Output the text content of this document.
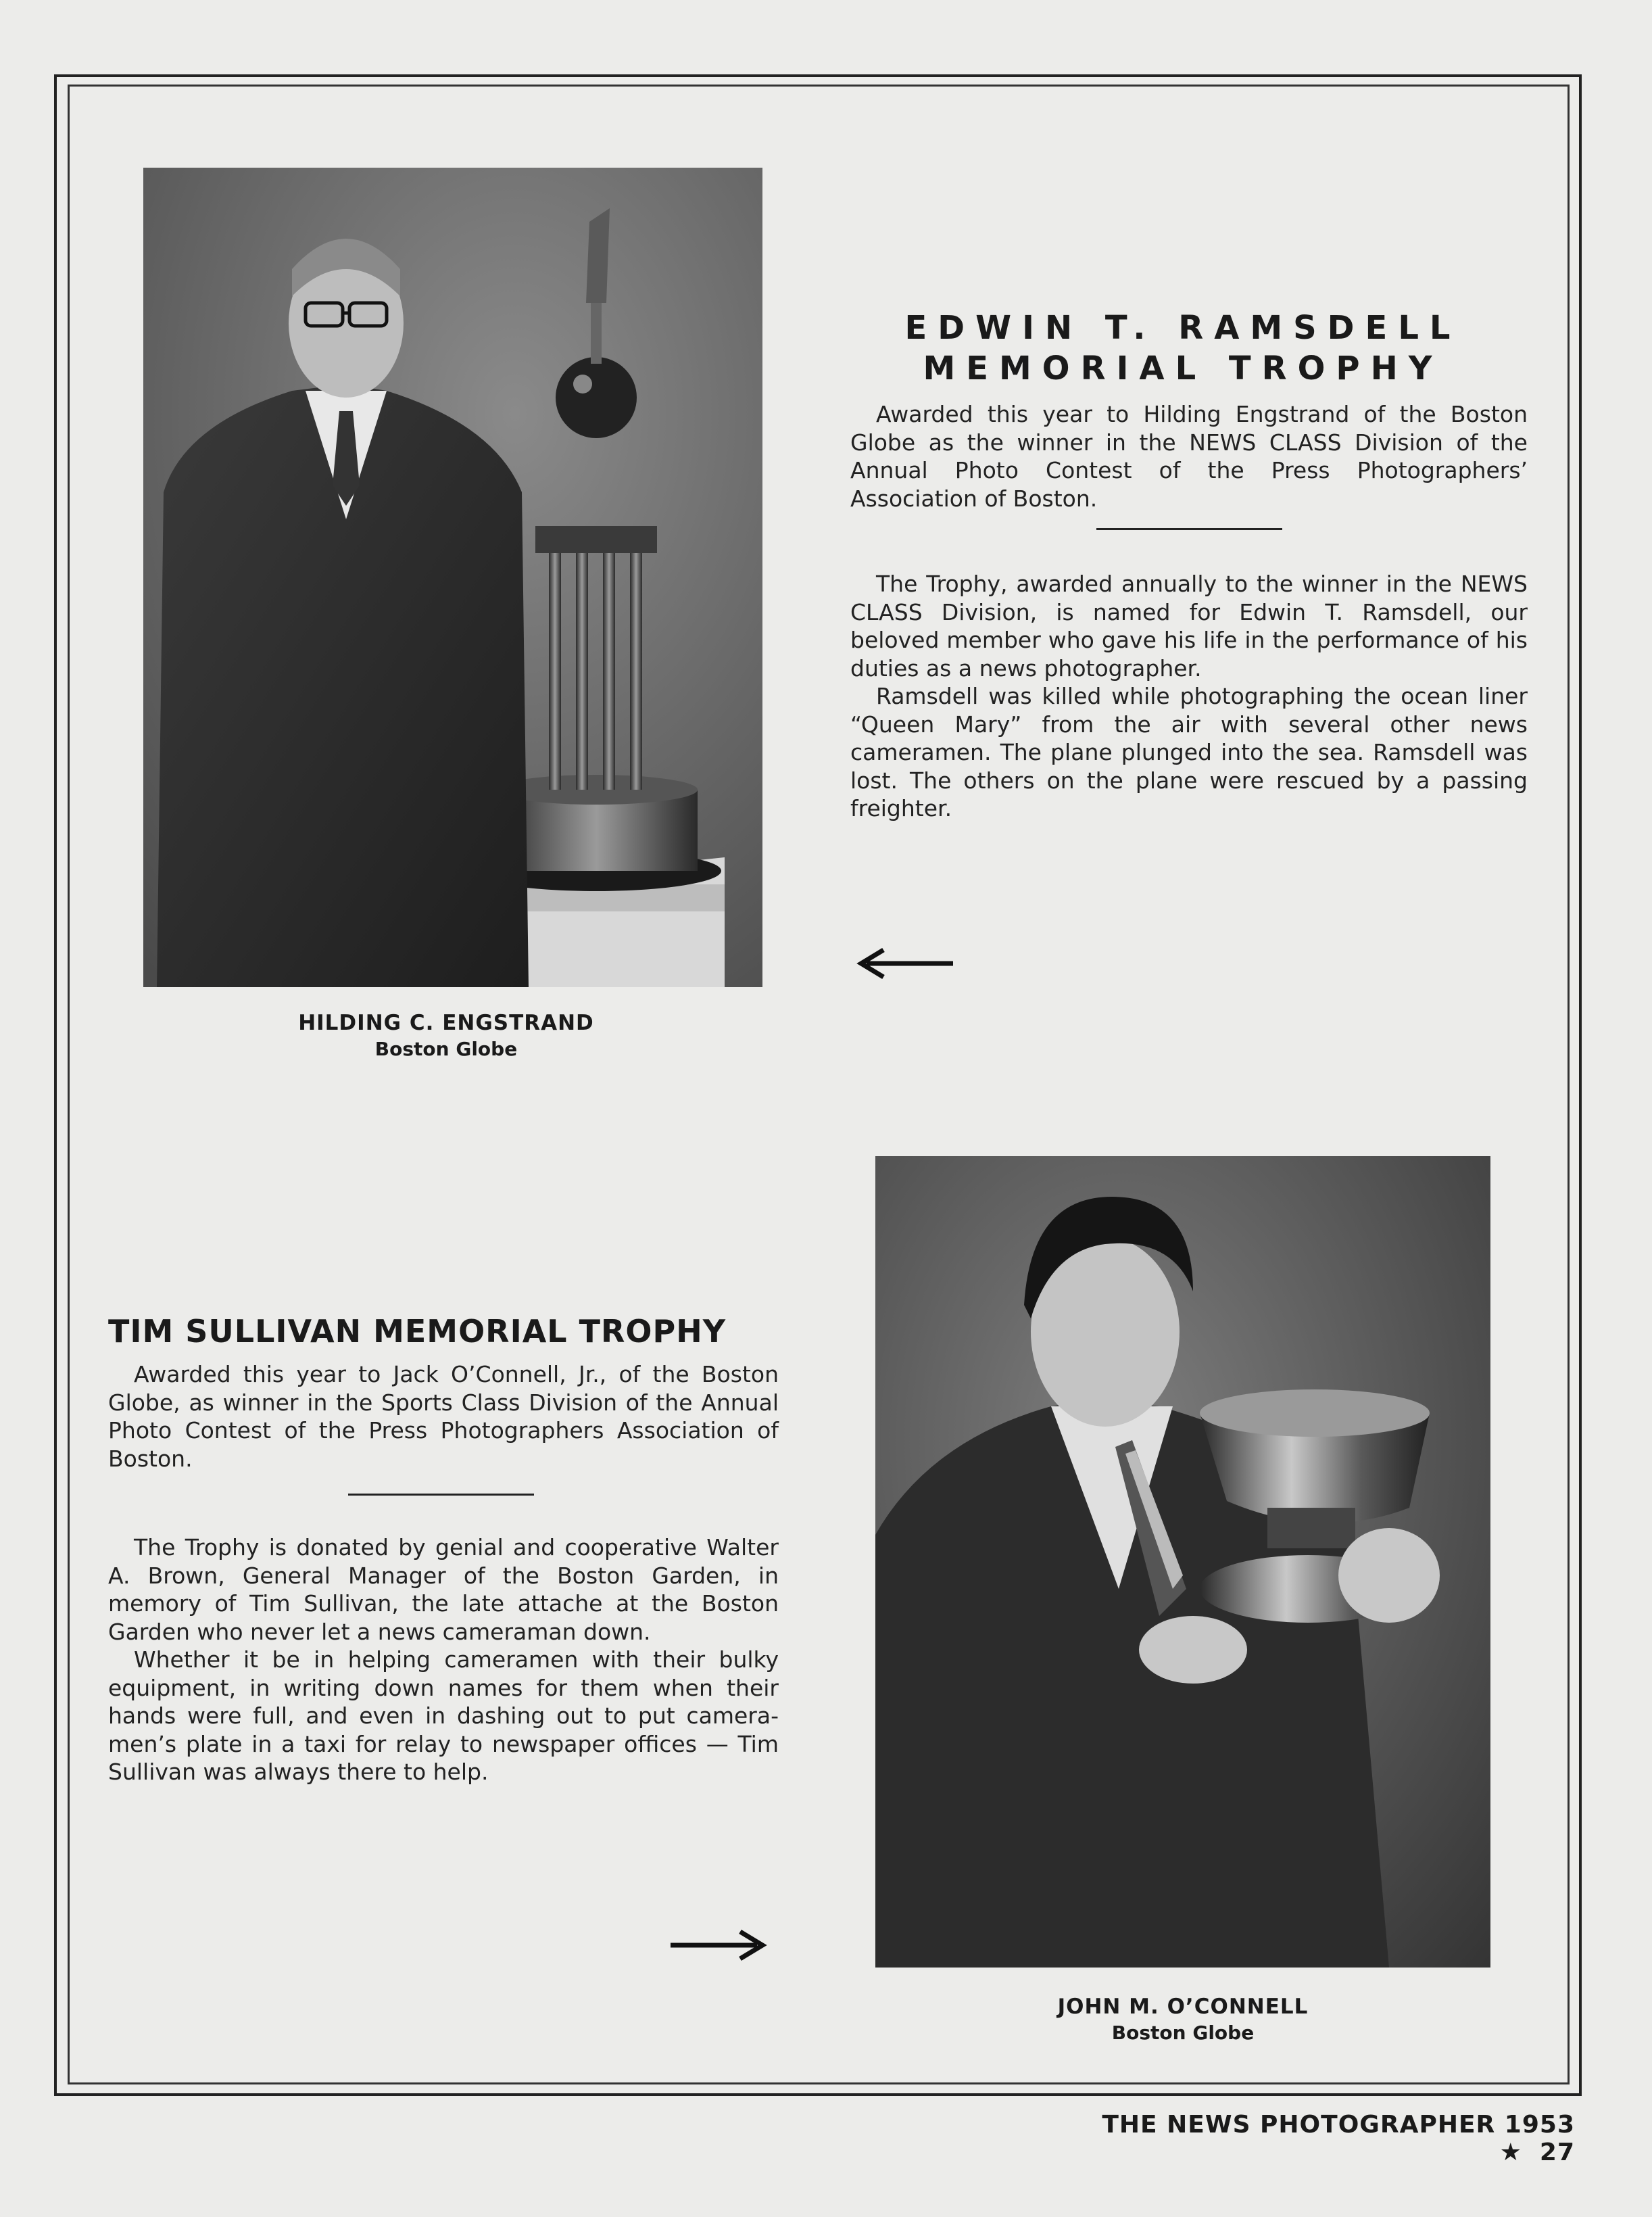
HILDING C. ENGSTRAND
Boston Globe
EDWIN T. RAMSDELL
MEMORIAL TROPHY

Awarded this year to Hilding Engstrand of the Boston Globe as the winner in the NEWS CLASS Division of the Annual Photo Contest of the Press Photographers’ Association of Boston.

The Trophy, awarded annually to the winner in the NEWS CLASS Division, is named for Edwin T. Ramsdell, our beloved member who gave his life in the performance of his duties as a news photographer.

Ramsdell was killed while photographing the ocean liner “Queen Mary” from the air with several other news cameramen. The plane plunged into the sea. Ramsdell was lost. The others on the plane were rescued by a passing freighter.

TIM SULLIVAN MEMORIAL TROPHY

Awarded this year to Jack O’Connell, Jr., of the Boston Globe, as winner in the Sports Class Division of the Annual Photo Contest of the Press Photographers Association of Boston.

The Trophy is donated by genial and cooperative Walter A. Brown, General Manager of the Boston Garden, in memory of Tim Sullivan, the late attache at the Boston Garden who never let a news cameraman down.

Whether it be in helping cameramen with their bulky equipment, in writing down names for them when their hands were full, and even in dashing out to put camera-men’s plate in a taxi for relay to newspaper offices — Tim Sullivan was always there to help.

JOHN M. O’CONNELL
Boston Globe
THE NEWS PHOTOGRAPHER 1953★ 27
